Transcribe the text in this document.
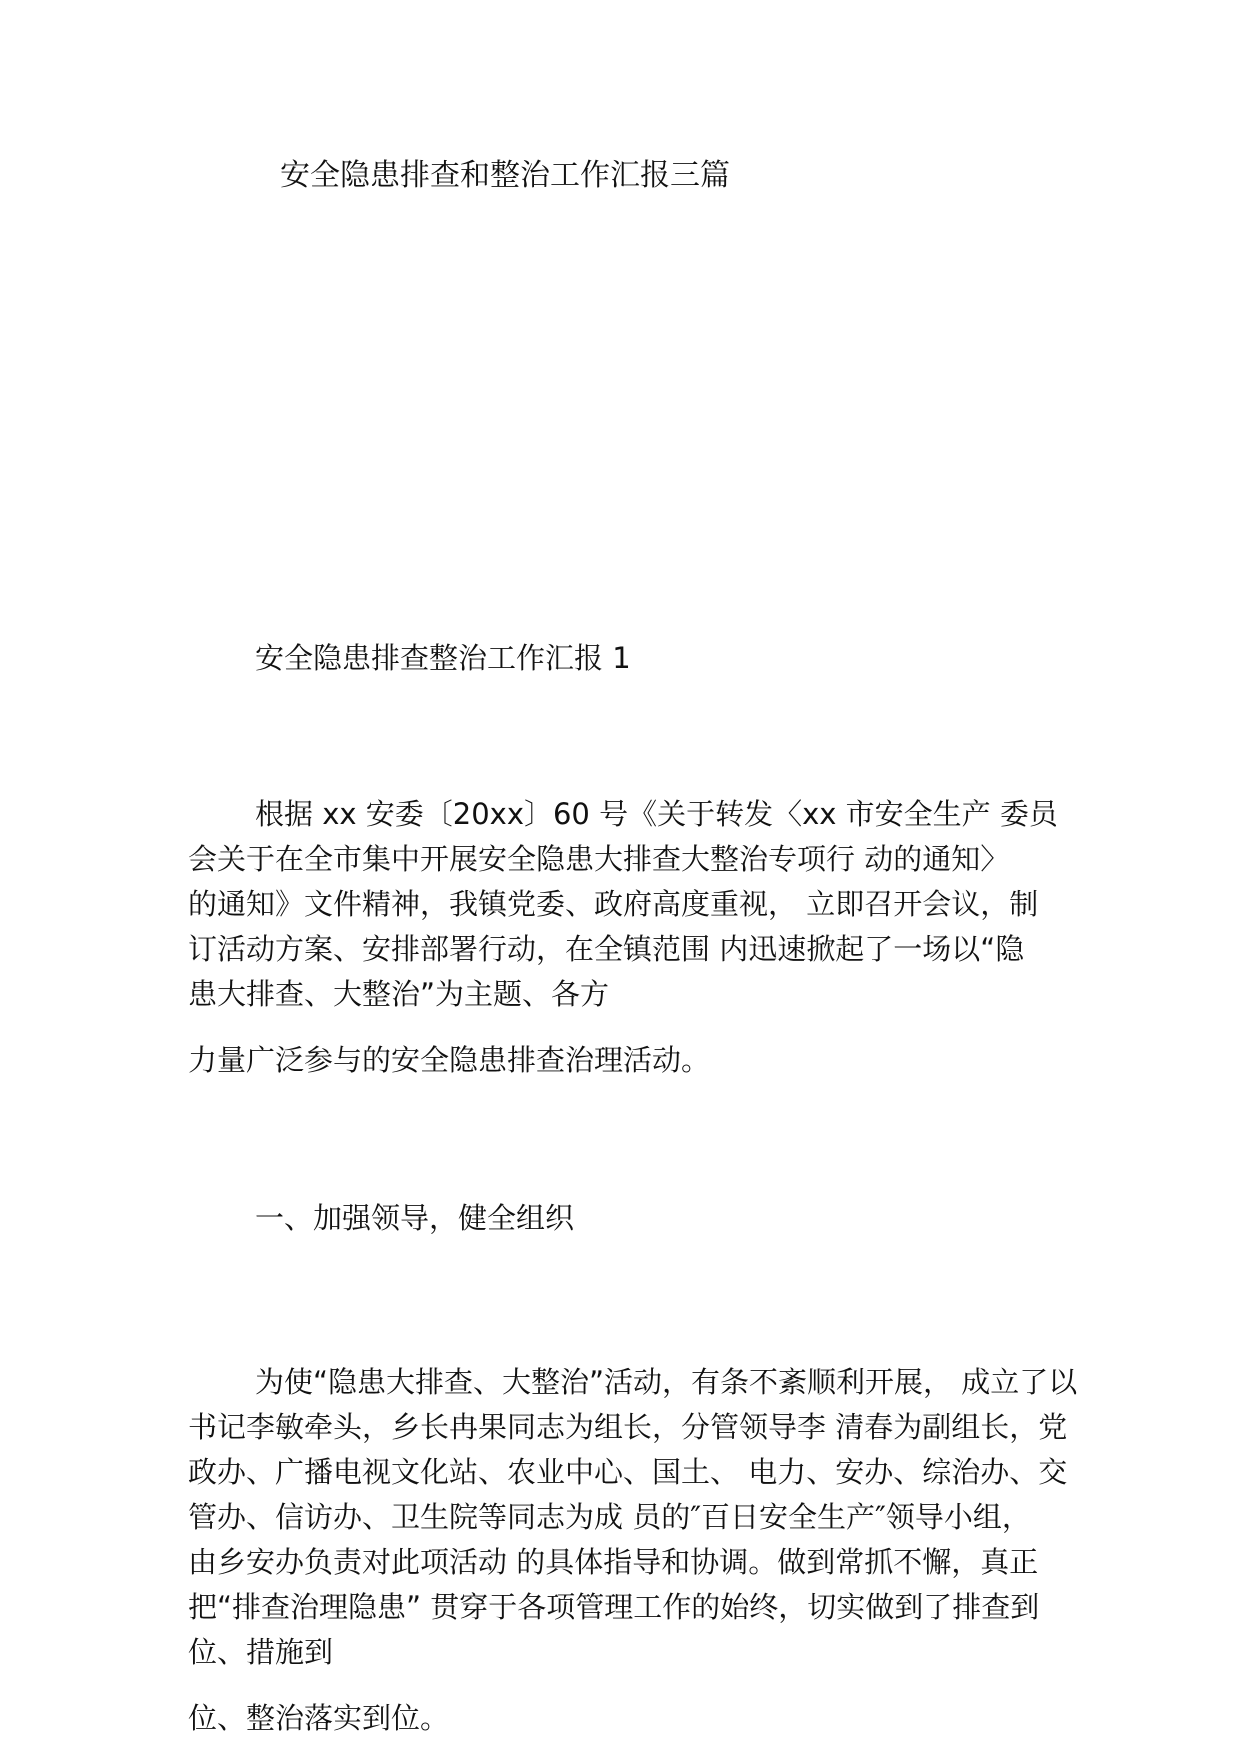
安全隐患排查和整治工作汇报三篇
安全隐患排查整治工作汇报 1
根据 xx 安委〔20xx〕60 号《关于转发〈xx 市安全生产 委员
会关于在全市集中开展安全隐患大排查大整治专项行 动的通知〉
的通知》文件精神，我镇党委、政府高度重视， 立即召开会议，制
订活动方案、安排部署行动，在全镇范围 内迅速掀起了一场以“隐
患大排查、大整治”为主题、各方
力量广泛参与的安全隐患排查治理活动。
一、加强领导，健全组织
为使“隐患大排查、大整治”活动，有条不紊顺利开展， 成立了以
书记李敏牵头，乡长冉果同志为组长，分管领导李 清春为副组长，党
政办、广播电视文化站、农业中心、国土、 电力、安办、综治办、交
管办、信访办、卫生院等同志为成 员的″百日安全生产″领导小组，
由乡安办负责对此项活动 的具体指导和协调。做到常抓不懈，真正
把“排查治理隐患” 贯穿于各项管理工作的始终，切实做到了排查到
位、措施到
位、整治落实到位。
